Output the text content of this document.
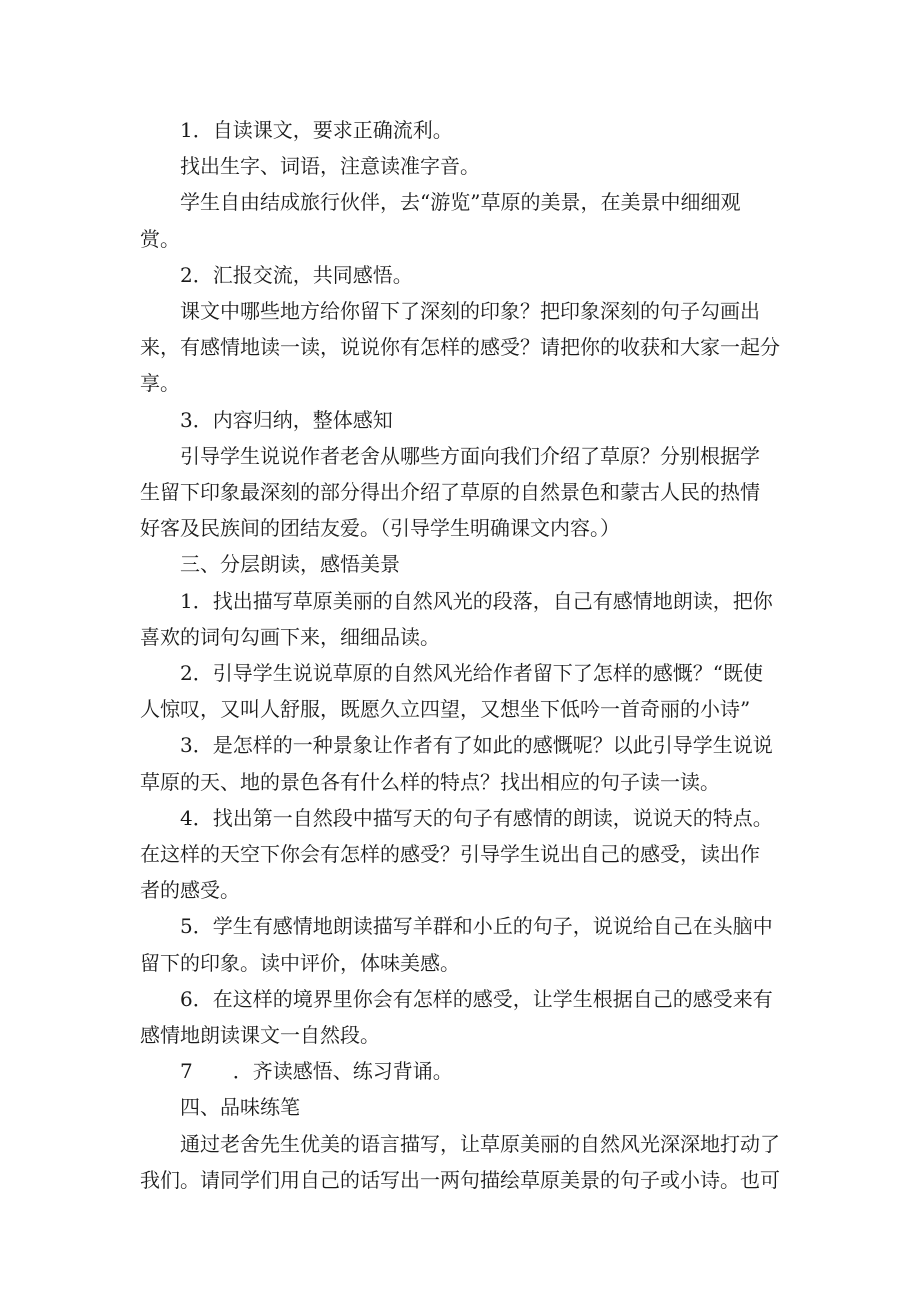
1．自读课文，要求正确流利。

找出生字、词语，注意读准字音。

学生自由结成旅行伙伴，去“游览”草原的美景，在美景中细细观

赏。

2．汇报交流，共同感悟。

课文中哪些地方给你留下了深刻的印象？把印象深刻的句子勾画出

来，有感情地读一读，说说你有怎样的感受？请把你的收获和大家一起分

享。

3．内容归纳，整体感知

引导学生说说作者老舍从哪些方面向我们介绍了草原？分别根据学

生留下印象最深刻的部分得出介绍了草原的自然景色和蒙古人民的热情

好客及民族间的团结友爱。（引导学生明确课文内容。）

三、分层朗读，感悟美景

1．找出描写草原美丽的自然风光的段落，自己有感情地朗读，把你

喜欢的词句勾画下来，细细品读。

2．引导学生说说草原的自然风光给作者留下了怎样的感慨？“既使

人惊叹，又叫人舒服，既愿久立四望，又想坐下低吟一首奇丽的小诗”

3．是怎样的一种景象让作者有了如此的感慨呢？以此引导学生说说

草原的天、地的景色各有什么样的特点？找出相应的句子读一读。

4．找出第一自然段中描写天的句子有感情的朗读，说说天的特点。

在这样的天空下你会有怎样的感受？引导学生说出自己的感受，读出作

者的感受。

5．学生有感情地朗读描写羊群和小丘的句子，说说给自己在头脑中

留下的印象。读中评价，体味美感。

6．在这样的境界里你会有怎样的感受，让学生根据自己的感受来有

感情地朗读课文一自然段。

7　　．齐读感悟、练习背诵。

四、品味练笔

通过老舍先生优美的语言描写，让草原美丽的自然风光深深地打动了

我们。请同学们用自己的话写出一两句描绘草原美景的句子或小诗。也可
